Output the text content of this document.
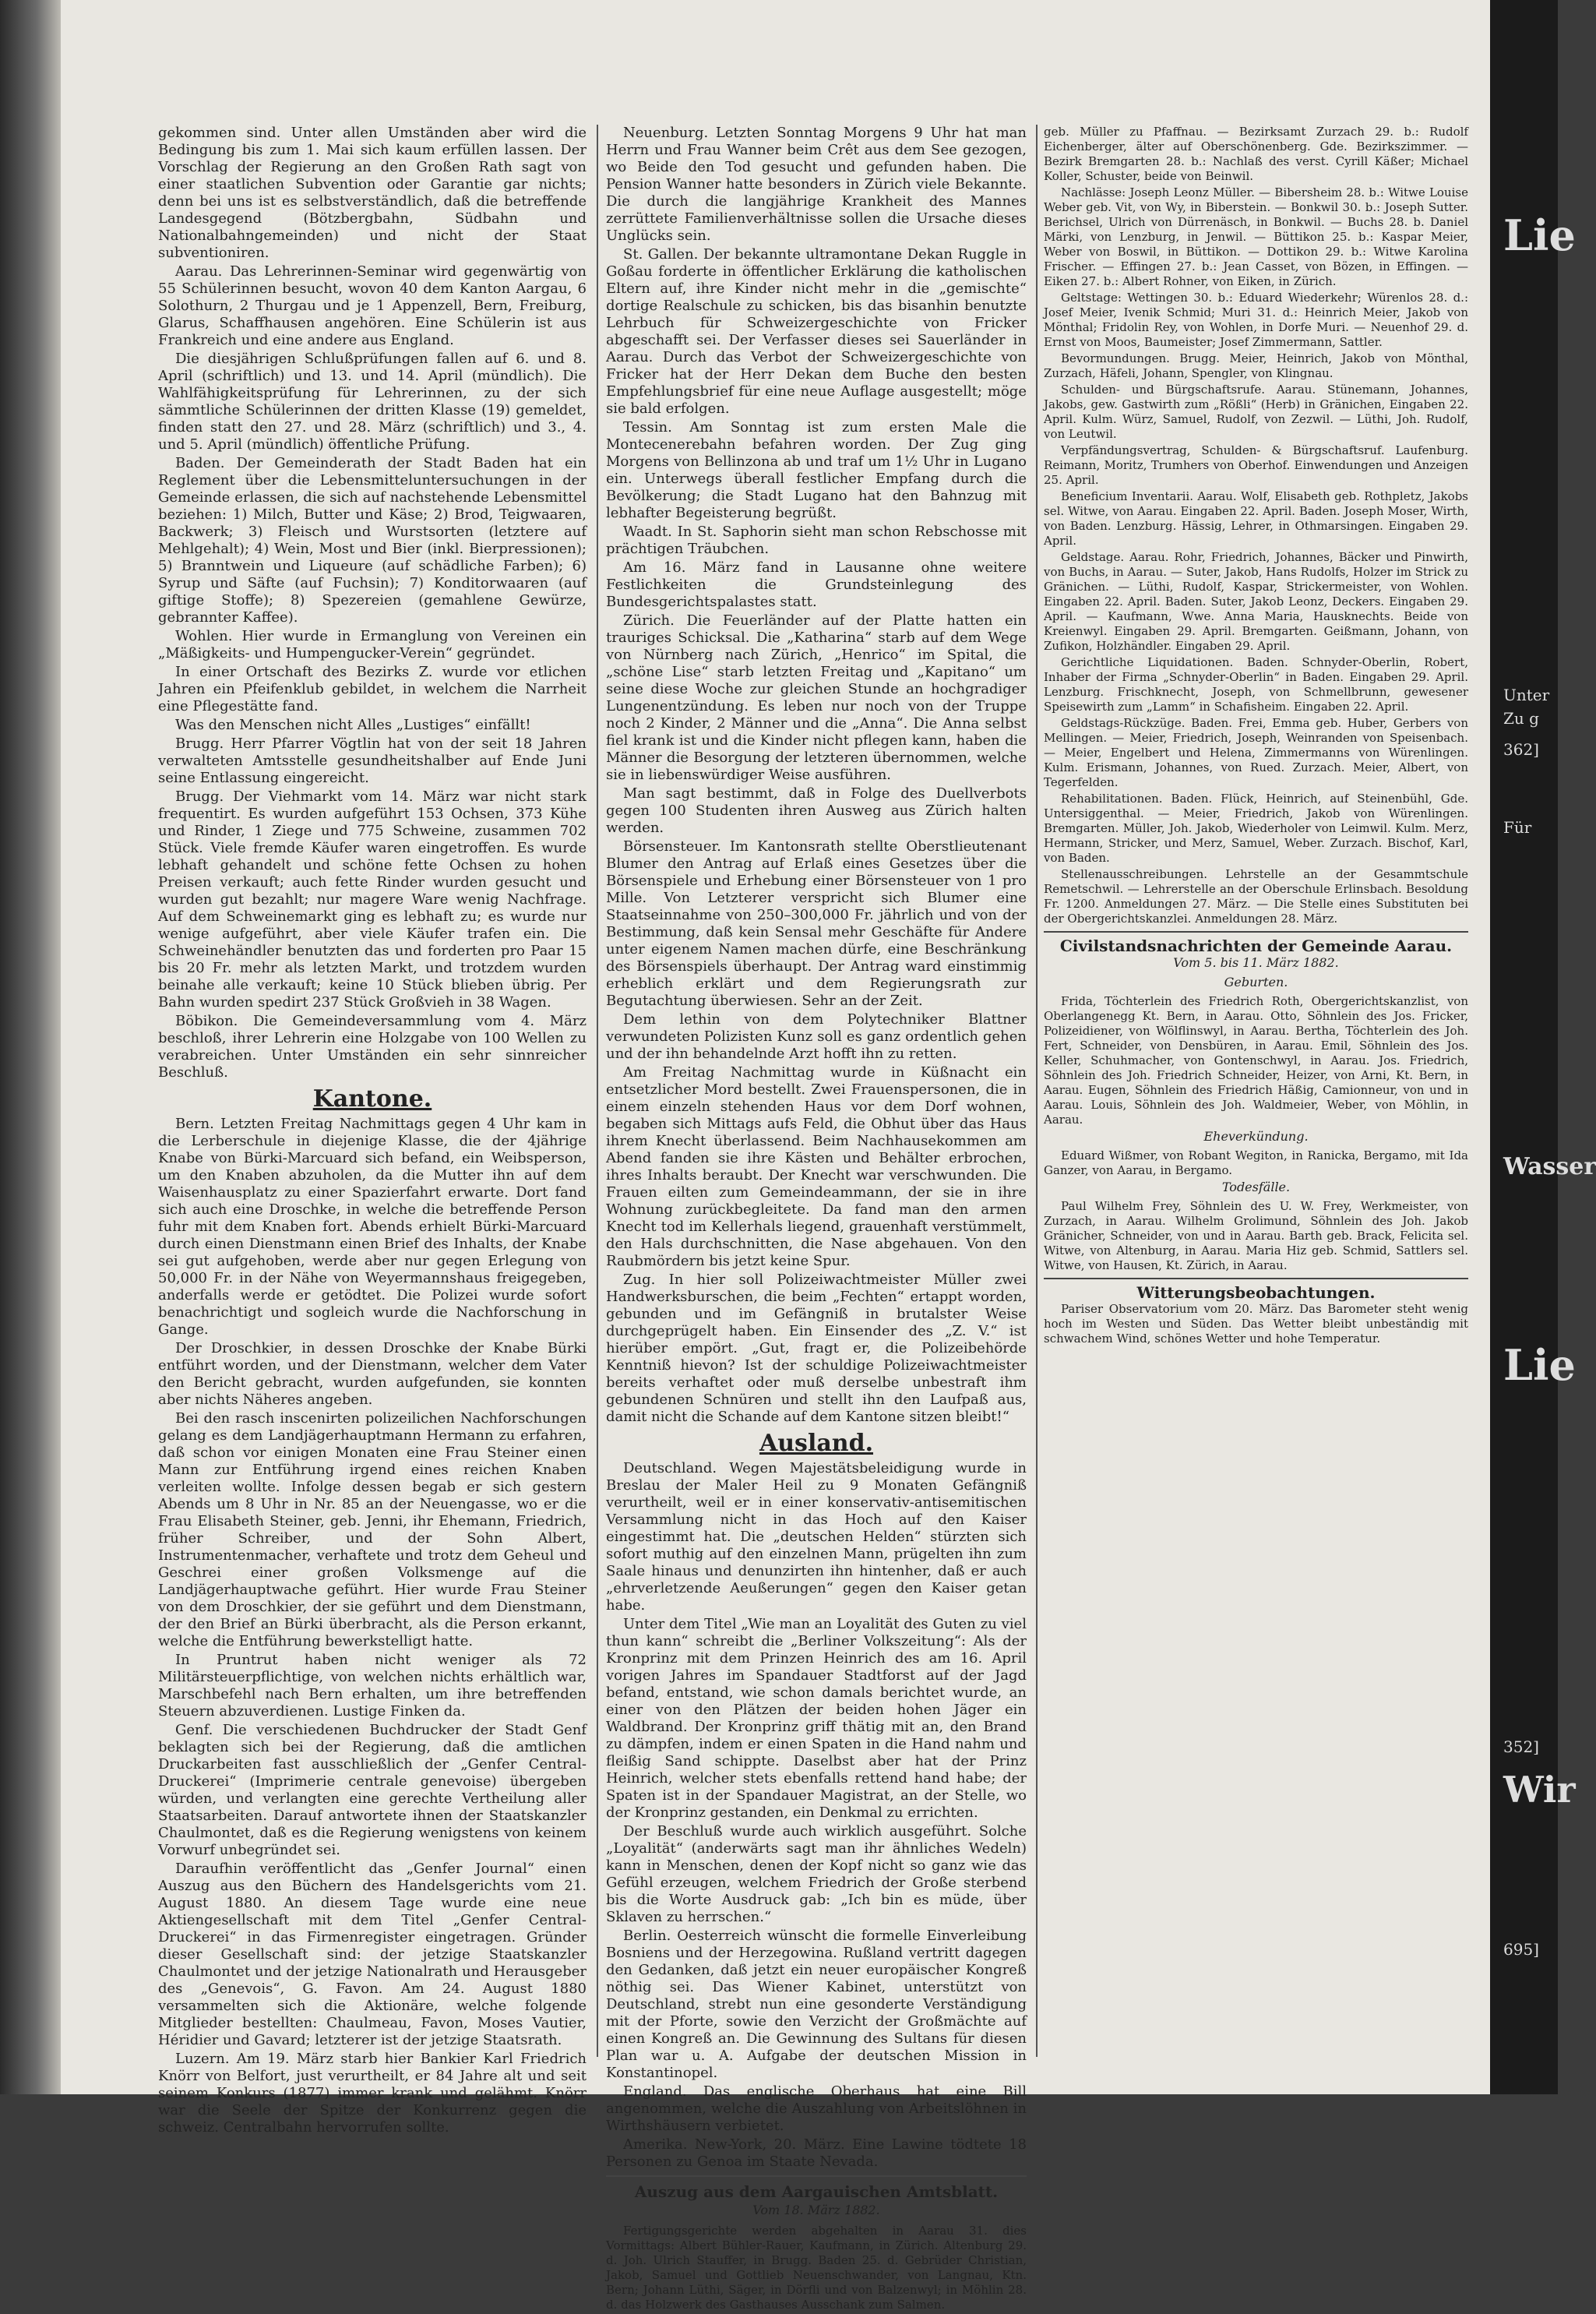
gekommen sind. Unter allen Umständen aber wird die Bedingung bis zum 1. Mai sich kaum erfüllen lassen. Der Vorschlag der Regierung an den Großen Rath sagt von einer staatlichen Subvention oder Garantie gar nichts; denn bei uns ist es selbstverständlich, daß die betreffende Landesgegend (Bötzbergbahn, Südbahn und Nationalbahngemeinden) und nicht der Staat subventioniren.

Aarau. Das Lehrerinnen-Seminar wird gegenwärtig von 55 Schülerinnen besucht, wovon 40 dem Kanton Aargau, 6 Solothurn, 2 Thurgau und je 1 Appenzell, Bern, Freiburg, Glarus, Schaffhausen angehören. Eine Schülerin ist aus Frankreich und eine andere aus England.

Die diesjährigen Schlußprüfungen fallen auf 6. und 8. April (schriftlich) und 13. und 14. April (mündlich). Die Wahlfähigkeitsprüfung für Lehrerinnen, zu der sich sämmtliche Schülerinnen der dritten Klasse (19) gemeldet, finden statt den 27. und 28. März (schriftlich) und 3., 4. und 5. April (mündlich) öffentliche Prüfung.

Baden. Der Gemeinderath der Stadt Baden hat ein Reglement über die Lebensmitteluntersuchungen in der Gemeinde erlassen, die sich auf nachstehende Lebensmittel beziehen: 1) Milch, Butter und Käse; 2) Brod, Teigwaaren, Backwerk; 3) Fleisch und Wurstsorten (letztere auf Mehlgehalt); 4) Wein, Most und Bier (inkl. Bierpressionen); 5) Branntwein und Liqueure (auf schädliche Farben); 6) Syrup und Säfte (auf Fuchsin); 7) Konditorwaaren (auf giftige Stoffe); 8) Spezereien (gemahlene Gewürze, gebrannter Kaffee).

Wohlen. Hier wurde in Ermanglung von Vereinen ein „Mäßigkeits- und Humpengucker-Verein“ gegründet.

In einer Ortschaft des Bezirks Z. wurde vor etlichen Jahren ein Pfeifenklub gebildet, in welchem die Narrheit eine Pflegestätte fand.

Was den Menschen nicht Alles „Lustiges“ einfällt!

Brugg. Herr Pfarrer Vögtlin hat von der seit 18 Jahren verwalteten Amtsstelle gesundheitshalber auf Ende Juni seine Entlassung eingereicht.

Brugg. Der Viehmarkt vom 14. März war nicht stark frequentirt. Es wurden aufgeführt 153 Ochsen, 373 Kühe und Rinder, 1 Ziege und 775 Schweine, zusammen 702 Stück. Viele fremde Käufer waren eingetroffen. Es wurde lebhaft gehandelt und schöne fette Ochsen zu hohen Preisen verkauft; auch fette Rinder wurden gesucht und wurden gut bezahlt; nur magere Ware wenig Nachfrage. Auf dem Schweinemarkt ging es lebhaft zu; es wurde nur wenige aufgeführt, aber viele Käufer trafen ein. Die Schweinehändler benutzten das und forderten pro Paar 15 bis 20 Fr. mehr als letzten Markt, und trotzdem wurden beinahe alle verkauft; keine 10 Stück blieben übrig. Per Bahn wurden spedirt 237 Stück Großvieh in 38 Wagen.

Böbikon. Die Gemeindeversammlung vom 4. März beschloß, ihrer Lehrerin eine Holzgabe von 100 Wellen zu verabreichen. Unter Umständen ein sehr sinnreicher Beschluß.

Kantone.

Bern. Letzten Freitag Nachmittags gegen 4 Uhr kam in die Lerberschule in diejenige Klasse, die der 4jährige Knabe von Bürki-Marcuard sich befand, ein Weibsperson, um den Knaben abzuholen, da die Mutter ihn auf dem Waisenhausplatz zu einer Spazierfahrt erwarte. Dort fand sich auch eine Droschke, in welche die betreffende Person fuhr mit dem Knaben fort. Abends erhielt Bürki-Marcuard durch einen Dienstmann einen Brief des Inhalts, der Knabe sei gut aufgehoben, werde aber nur gegen Erlegung von 50,000 Fr. in der Nähe von Weyermannshaus freigegeben, anderfalls werde er getödtet. Die Polizei wurde sofort benachrichtigt und sogleich wurde die Nachforschung in Gange.

Der Droschkier, in dessen Droschke der Knabe Bürki entführt worden, und der Dienstmann, welcher dem Vater den Bericht gebracht, wurden aufgefunden, sie konnten aber nichts Näheres angeben.

Bei den rasch inscenirten polizeilichen Nachforschungen gelang es dem Landjägerhauptmann Hermann zu erfahren, daß schon vor einigen Monaten eine Frau Steiner einen Mann zur Entführung irgend eines reichen Knaben verleiten wollte. Infolge dessen begab er sich gestern Abends um 8 Uhr in Nr. 85 an der Neuengasse, wo er die Frau Elisabeth Steiner, geb. Jenni, ihr Ehemann, Friedrich, früher Schreiber, und der Sohn Albert, Instrumentenmacher, verhaftete und trotz dem Geheul und Geschrei einer großen Volksmenge auf die Landjägerhauptwache geführt. Hier wurde Frau Steiner von dem Droschkier, der sie geführt und dem Dienstmann, der den Brief an Bürki überbracht, als die Person erkannt, welche die Entführung bewerkstelligt hatte.

In Pruntrut haben nicht weniger als 72 Militärsteuerpflichtige, von welchen nichts erhältlich war, Marschbefehl nach Bern erhalten, um ihre betreffenden Steuern abzuverdienen. Lustige Finken da.

Genf. Die verschiedenen Buchdrucker der Stadt Genf beklagten sich bei der Regierung, daß die amtlichen Druckarbeiten fast ausschließlich der „Genfer Central-Druckerei“ (Imprimerie centrale genevoise) übergeben würden, und verlangten eine gerechte Vertheilung aller Staatsarbeiten. Darauf antwortete ihnen der Staatskanzler Chaulmontet, daß es die Regierung wenigstens von keinem Vorwurf unbegründet sei.

Daraufhin veröffentlicht das „Genfer Journal“ einen Auszug aus den Büchern des Handelsgerichts vom 21. August 1880. An diesem Tage wurde eine neue Aktiengesellschaft mit dem Titel „Genfer Central-Druckerei“ in das Firmenregister eingetragen. Gründer dieser Gesellschaft sind: der jetzige Staatskanzler Chaulmontet und der jetzige Nationalrath und Herausgeber des „Genevois“, G. Favon. Am 24. August 1880 versammelten sich die Aktionäre, welche folgende Mitglieder bestellten: Chaulmeau, Favon, Moses Vautier, Héridier und Gavard; letzterer ist der jetzige Staatsrath.

Luzern. Am 19. März starb hier Bankier Karl Friedrich Knörr von Belfort, just verurtheilt, er 84 Jahre alt und seit seinem Konkurs (1877) immer krank und gelähmt. Knörr war die Seele der Spitze der Konkurrenz gegen die schweiz. Centralbahn hervorrufen sollte.

Neuenburg. Letzten Sonntag Morgens 9 Uhr hat man Herrn und Frau Wanner beim Crêt aus dem See gezogen, wo Beide den Tod gesucht und gefunden haben. Die Pension Wanner hatte besonders in Zürich viele Bekannte. Die durch die langjährige Krankheit des Mannes zerrüttete Familienverhältnisse sollen die Ursache dieses Unglücks sein.

St. Gallen. Der bekannte ultramontane Dekan Ruggle in Goßau forderte in öffentlicher Erklärung die katholischen Eltern auf, ihre Kinder nicht mehr in die „gemischte“ dortige Realschule zu schicken, bis das bisanhin benutzte Lehrbuch für Schweizergeschichte von Fricker abgeschafft sei. Der Verfasser dieses sei Sauerländer in Aarau. Durch das Verbot der Schweizergeschichte von Fricker hat der Herr Dekan dem Buche den besten Empfehlungsbrief für eine neue Auflage ausgestellt; möge sie bald erfolgen.

Tessin. Am Sonntag ist zum ersten Male die Montecenerebahn befahren worden. Der Zug ging Morgens von Bellinzona ab und traf um 1½ Uhr in Lugano ein. Unterwegs überall festlicher Empfang durch die Bevölkerung; die Stadt Lugano hat den Bahnzug mit lebhafter Begeisterung begrüßt.

Waadt. In St. Saphorin sieht man schon Rebschosse mit prächtigen Träubchen.

Am 16. März fand in Lausanne ohne weitere Festlichkeiten die Grundsteinlegung des Bundesgerichtspalastes statt.

Zürich. Die Feuerländer auf der Platte hatten ein trauriges Schicksal. Die „Katharina“ starb auf dem Wege von Nürnberg nach Zürich, „Henrico“ im Spital, die „schöne Lise“ starb letzten Freitag und „Kapitano“ um seine diese Woche zur gleichen Stunde an hochgradiger Lungenentzündung. Es leben nur noch von der Truppe noch 2 Kinder, 2 Männer und die „Anna“. Die Anna selbst fiel krank ist und die Kinder nicht pflegen kann, haben die Männer die Besorgung der letzteren übernommen, welche sie in liebenswürdiger Weise ausführen.

Man sagt bestimmt, daß in Folge des Duellverbots gegen 100 Studenten ihren Ausweg aus Zürich halten werden.

Börsensteuer. Im Kantonsrath stellte Oberstlieutenant Blumer den Antrag auf Erlaß eines Gesetzes über die Börsenspiele und Erhebung einer Börsensteuer von 1 pro Mille. Von Letzterer verspricht sich Blumer eine Staatseinnahme von 250–300,000 Fr. jährlich und von der Bestimmung, daß kein Sensal mehr Geschäfte für Andere unter eigenem Namen machen dürfe, eine Beschränkung des Börsenspiels überhaupt. Der Antrag ward einstimmig erheblich erklärt und dem Regierungsrath zur Begutachtung überwiesen. Sehr an der Zeit.

Dem lethin von dem Polytechniker Blattner verwundeten Polizisten Kunz soll es ganz ordentlich gehen und der ihn behandelnde Arzt hofft ihn zu retten.

Am Freitag Nachmittag wurde in Küßnacht ein entsetzlicher Mord bestellt. Zwei Frauenspersonen, die in einem einzeln stehenden Haus vor dem Dorf wohnen, begaben sich Mittags aufs Feld, die Obhut über das Haus ihrem Knecht überlassend. Beim Nachhausekommen am Abend fanden sie ihre Kästen und Behälter erbrochen, ihres Inhalts beraubt. Der Knecht war verschwunden. Die Frauen eilten zum Gemeindeammann, der sie in ihre Wohnung zurückbegleitete. Da fand man den armen Knecht tod im Kellerhals liegend, grauenhaft verstümmelt, den Hals durchschnitten, die Nase abgehauen. Von den Raubmördern bis jetzt keine Spur.

Zug. In hier soll Polizeiwachtmeister Müller zwei Handwerksburschen, die beim „Fechten“ ertappt worden, gebunden und im Gefängniß in brutalster Weise durchgeprügelt haben. Ein Einsender des „Z. V.“ ist hierüber empört. „Gut, fragt er, die Polizeibehörde Kenntniß hievon? Ist der schuldige Polizeiwachtmeister bereits verhaftet oder muß derselbe unbestraft ihm gebundenen Schnüren und stellt ihn den Laufpaß aus, damit nicht die Schande auf dem Kantone sitzen bleibt!“

Ausland.

Deutschland. Wegen Majestätsbeleidigung wurde in Breslau der Maler Heil zu 9 Monaten Gefängniß verurtheilt, weil er in einer konservativ-antisemitischen Versammlung nicht in das Hoch auf den Kaiser eingestimmt hat. Die „deutschen Helden“ stürzten sich sofort muthig auf den einzelnen Mann, prügelten ihn zum Saale hinaus und denunzirten ihn hintenher, daß er auch „ehrverletzende Aeußerungen“ gegen den Kaiser getan habe.

Unter dem Titel „Wie man an Loyalität des Guten zu viel thun kann“ schreibt die „Berliner Volkszeitung“: Als der Kronprinz mit dem Prinzen Heinrich des am 16. April vorigen Jahres im Spandauer Stadtforst auf der Jagd befand, entstand, wie schon damals berichtet wurde, an einer von den Plätzen der beiden hohen Jäger ein Waldbrand. Der Kronprinz griff thätig mit an, den Brand zu dämpfen, indem er einen Spaten in die Hand nahm und fleißig Sand schippte. Daselbst aber hat der Prinz Heinrich, welcher stets ebenfalls rettend hand habe; der Spaten ist in der Spandauer Magistrat, an der Stelle, wo der Kronprinz gestanden, ein Denkmal zu errichten.

Der Beschluß wurde auch wirklich ausgeführt. Solche „Loyalität“ (anderwärts sagt man ihr ähnliches Wedeln) kann in Menschen, denen der Kopf nicht so ganz wie das Gefühl erzeugen, welchem Friedrich der Große sterbend bis die Worte Ausdruck gab: „Ich bin es müde, über Sklaven zu herrschen.“

Berlin. Oesterreich wünscht die formelle Einverleibung Bosniens und der Herzegowina. Rußland vertritt dagegen den Gedanken, daß jetzt ein neuer europäischer Kongreß nöthig sei. Das Wiener Kabinet, unterstützt von Deutschland, strebt nun eine gesonderte Verständigung mit der Pforte, sowie den Verzicht der Großmächte auf einen Kongreß an. Die Gewinnung des Sultans für diesen Plan war u. A. Aufgabe der deutschen Mission in Konstantinopel.

England. Das englische Oberhaus hat eine Bill angenommen, welche die Auszahlung von Arbeitslöhnen in Wirthshäusern verbietet.

Amerika. New-York, 20. März. Eine Lawine tödtete 18 Personen zu Genoa im Staate Nevada.

Auszug aus dem Aargauischen Amtsblatt.
Vom 18. März 1882.

Fertigungsgerichte werden abgehalten in Aarau 31. dies Vormittags: Albert Bühler-Rauer, Kaufmann, in Zürich. Altenburg 29. d. Joh. Ulrich Stauffer, in Brugg. Baden 25. d. Gebrüder Christian, Jakob, Samuel und Gottlieb Neuenschwander, von Langnau, Ktn. Bern; Johann Lüthi, Säger, in Dörfli und von Balzenwyl; in Möhlin 28. d. das Holzwerk des Gasthauses Ausschank zum Salmen.

geb. Müller zu Pfaffnau. — Bezirksamt Zurzach 29. b.: Rudolf Eichenberger, älter auf Oberschönenberg. Gde. Bezirkszimmer. — Bezirk Bremgarten 28. b.: Nachlaß des verst. Cyrill Käßer; Michael Koller, Schuster, beide von Beinwil.

Nachlässe: Joseph Leonz Müller. — Bibersheim 28. b.: Witwe Louise Weber geb. Vit, von Wy, in Biberstein. — Bonkwil 30. b.: Joseph Sutter. Berichsel, Ulrich von Dürrenäsch, in Bonkwil. — Buchs 28. b. Daniel Märki, von Lenzburg, in Jenwil. — Büttikon 25. b.: Kaspar Meier, Weber von Boswil, in Büttikon. — Dottikon 29. b.: Witwe Karolina Frischer. — Effingen 27. b.: Jean Casset, von Bözen, in Effingen. — Eiken 27. b.: Albert Rohner, von Eiken, in Zürich.

Geltstage: Wettingen 30. b.: Eduard Wiederkehr; Würenlos 28. d.: Josef Meier, Ivenik Schmid; Muri 31. d.: Heinrich Meier, Jakob von Mönthal; Fridolin Rey, von Wohlen, in Dorfe Muri. — Neuenhof 29. d. Ernst von Moos, Baumeister; Josef Zimmermann, Sattler.

Bevormundungen. Brugg. Meier, Heinrich, Jakob von Mönthal, Zurzach, Häfeli, Johann, Spengler, von Klingnau.

Schulden- und Bürgschaftsrufe. Aarau. Stünemann, Johannes, Jakobs, gew. Gastwirth zum „Rößli“ (Herb) in Gränichen, Eingaben 22. April. Kulm. Würz, Samuel, Rudolf, von Zezwil. — Lüthi, Joh. Rudolf, von Leutwil.

Verpfändungsvertrag, Schulden- & Bürgschaftsruf. Laufenburg. Reimann, Moritz, Trumhers von Oberhof. Einwendungen und Anzeigen 25. April.

Beneficium Inventarii. Aarau. Wolf, Elisabeth geb. Rothpletz, Jakobs sel. Witwe, von Aarau. Eingaben 22. April. Baden. Joseph Moser, Wirth, von Baden. Lenzburg. Hässig, Lehrer, in Othmarsingen. Eingaben 29. April.

Geldstage. Aarau. Rohr, Friedrich, Johannes, Bäcker und Pinwirth, von Buchs, in Aarau. — Suter, Jakob, Hans Rudolfs, Holzer im Strick zu Gränichen. — Lüthi, Rudolf, Kaspar, Strickermeister, von Wohlen. Eingaben 22. April. Baden. Suter, Jakob Leonz, Deckers. Eingaben 29. April. — Kaufmann, Wwe. Anna Maria, Hausknechts. Beide von Kreienwyl. Eingaben 29. April. Bremgarten. Geißmann, Johann, von Zufikon, Holzhändler. Eingaben 29. April.

Gerichtliche Liquidationen. Baden. Schnyder-Oberlin, Robert, Inhaber der Firma „Schnyder-Oberlin“ in Baden. Eingaben 29. April. Lenzburg. Frischknecht, Joseph, von Schmellbrunn, gewesener Speisewirth zum „Lamm“ in Schafisheim. Eingaben 22. April.

Geldstags-Rückzüge. Baden. Frei, Emma geb. Huber, Gerbers von Mellingen. — Meier, Friedrich, Joseph, Weinranden von Speisenbach. — Meier, Engelbert und Helena, Zimmermanns von Würenlingen. Kulm. Erismann, Johannes, von Rued. Zurzach. Meier, Albert, von Tegerfelden.

Rehabilitationen. Baden. Flück, Heinrich, auf Steinenbühl, Gde. Untersiggenthal. — Meier, Friedrich, Jakob von Würenlingen. Bremgarten. Müller, Joh. Jakob, Wiederholer von Leimwil. Kulm. Merz, Hermann, Stricker, und Merz, Samuel, Weber. Zurzach. Bischof, Karl, von Baden.

Stellenausschreibungen. Lehrstelle an der Gesammtschule Remetschwil. — Lehrerstelle an der Oberschule Erlinsbach. Besoldung Fr. 1200. Anmeldungen 27. März. — Die Stelle eines Substituten bei der Obergerichtskanzlei. Anmeldungen 28. März.

Civilstandsnachrichten der Gemeinde Aarau.
Vom 5. bis 11. März 1882.
Geburten.

Frida, Töchterlein des Friedrich Roth, Obergerichtskanzlist, von Oberlangenegg Kt. Bern, in Aarau. Otto, Söhnlein des Jos. Fricker, Polizeidiener, von Wölflinswyl, in Aarau. Bertha, Töchterlein des Joh. Fert, Schneider, von Densbüren, in Aarau. Emil, Söhnlein des Jos. Keller, Schuhmacher, von Gontenschwyl, in Aarau. Jos. Friedrich, Söhnlein des Joh. Friedrich Schneider, Heizer, von Arni, Kt. Bern, in Aarau. Eugen, Söhnlein des Friedrich Häßig, Camionneur, von und in Aarau. Louis, Söhnlein des Joh. Waldmeier, Weber, von Möhlin, in Aarau.

Eheverkündung.

Eduard Wißmer, von Robant Wegiton, in Ranicka, Bergamo, mit Ida Ganzer, von Aarau, in Bergamo.

Todesfälle.

Paul Wilhelm Frey, Söhnlein des U. W. Frey, Werkmeister, von Zurzach, in Aarau. Wilhelm Grolimund, Söhnlein des Joh. Jakob Gränicher, Schneider, von und in Aarau. Barth geb. Brack, Felicita sel. Witwe, von Altenburg, in Aarau. Maria Hiz geb. Schmid, Sattlers sel. Witwe, von Hausen, Kt. Zürich, in Aarau.

Witterungsbeobachtungen.

Pariser Observatorium vom 20. März. Das Barometer steht wenig hoch im Westen und Süden. Das Wetter bleibt unbeständig mit schwachem Wind, schönes Wetter und hohe Temperatur.

Lie
Unter
Zu g
362]
Für
Wasser
Lie
Wir
695]
352]
